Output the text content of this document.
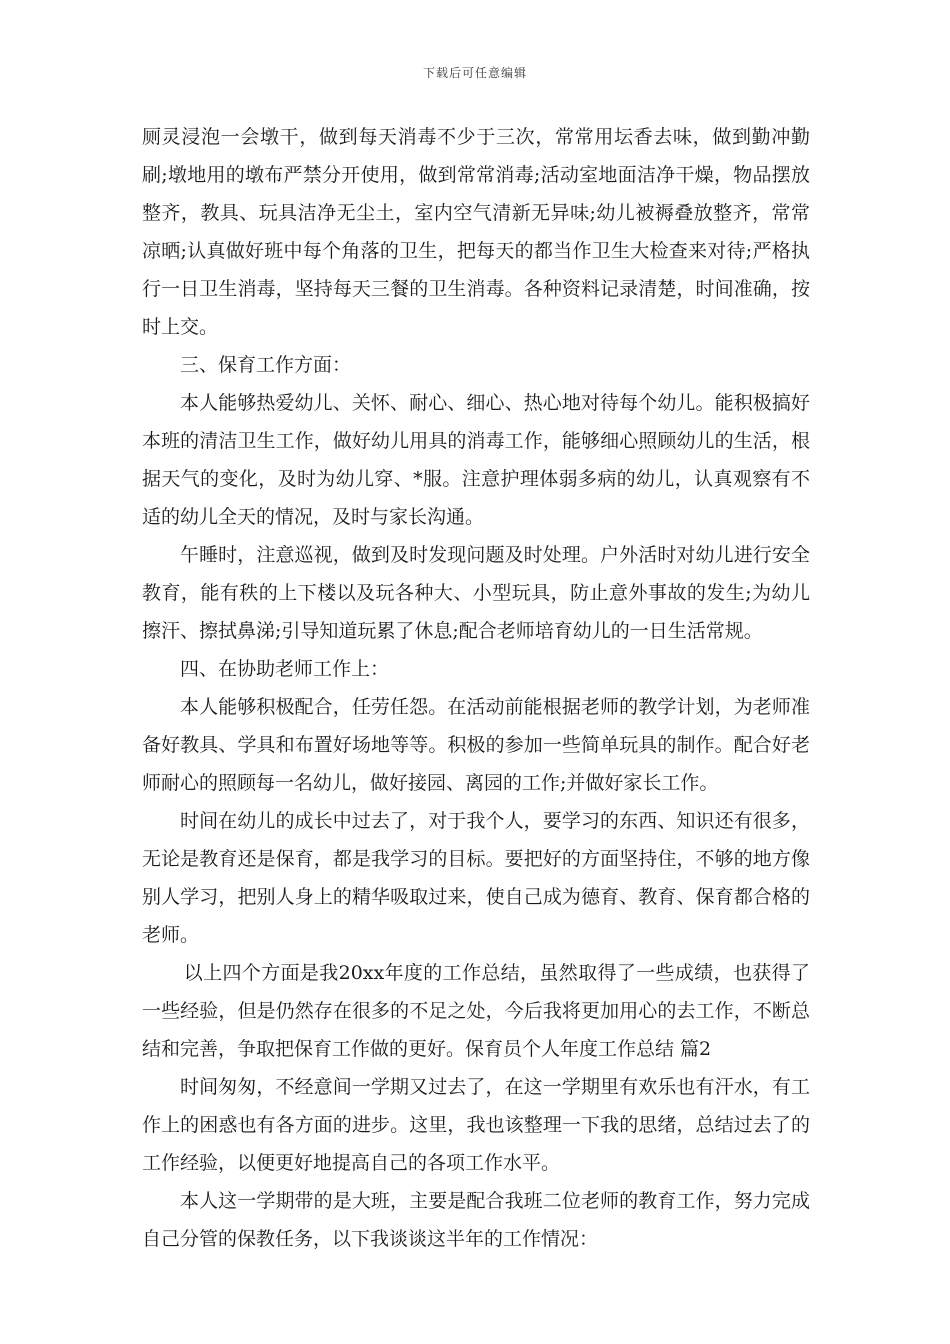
下载后可任意编辑

厕灵浸泡一会墩干，做到每天消毒不少于三次，常常用坛香去味，做到勤冲勤刷;墩地用的墩布严禁分开使用，做到常常消毒;活动室地面洁净干燥，物品摆放整齐，教具、玩具洁净无尘土，室内空气清新无异味;幼儿被褥叠放整齐，常常凉晒;认真做好班中每个角落的卫生，把每天的都当作卫生大检查来对待;严格执行一日卫生消毒，坚持每天三餐的卫生消毒。各种资料记录清楚，时间准确，按时上交。

三、保育工作方面：

本人能够热爱幼儿、关怀、耐心、细心、热心地对待每个幼儿。能积极搞好本班的清洁卫生工作，做好幼儿用具的消毒工作，能够细心照顾幼儿的生活，根据天气的变化，及时为幼儿穿、*服。注意护理体弱多病的幼儿，认真观察有不适的幼儿全天的情况，及时与家长沟通。

午睡时，注意巡视，做到及时发现问题及时处理。户外活时对幼儿进行安全教育，能有秩的上下楼以及玩各种大、小型玩具，防止意外事故的发生;为幼儿擦汗、擦拭鼻涕;引导知道玩累了休息;配合老师培育幼儿的一日生活常规。

四、在协助老师工作上：

本人能够积极配合，任劳任怨。在活动前能根据老师的教学计划，为老师准备好教具、学具和布置好场地等等。积极的参加一些简单玩具的制作。配合好老师耐心的照顾每一名幼儿，做好接园、离园的工作;并做好家长工作。

时间在幼儿的成长中过去了，对于我个人，要学习的东西、知识还有很多，无论是教育还是保育，都是我学习的目标。要把好的方面坚持住，不够的地方像别人学习，把别人身上的精华吸取过来，使自己成为德育、教育、保育都合格的老师。

以上四个方面是我20xx年度的工作总结，虽然取得了一些成绩，也获得了一些经验，但是仍然存在很多的不足之处，今后我将更加用心的去工作，不断总结和完善，争取把保育工作做的更好。保育员个人年度工作总结 篇2

时间匆匆，不经意间一学期又过去了，在这一学期里有欢乐也有汗水，有工作上的困惑也有各方面的进步。这里，我也该整理一下我的思绪，总结过去了的工作经验，以便更好地提高自己的各项工作水平。

本人这一学期带的是大班，主要是配合我班二位老师的教育工作，努力完成自己分管的保教任务，以下我谈谈这半年的工作情况：
